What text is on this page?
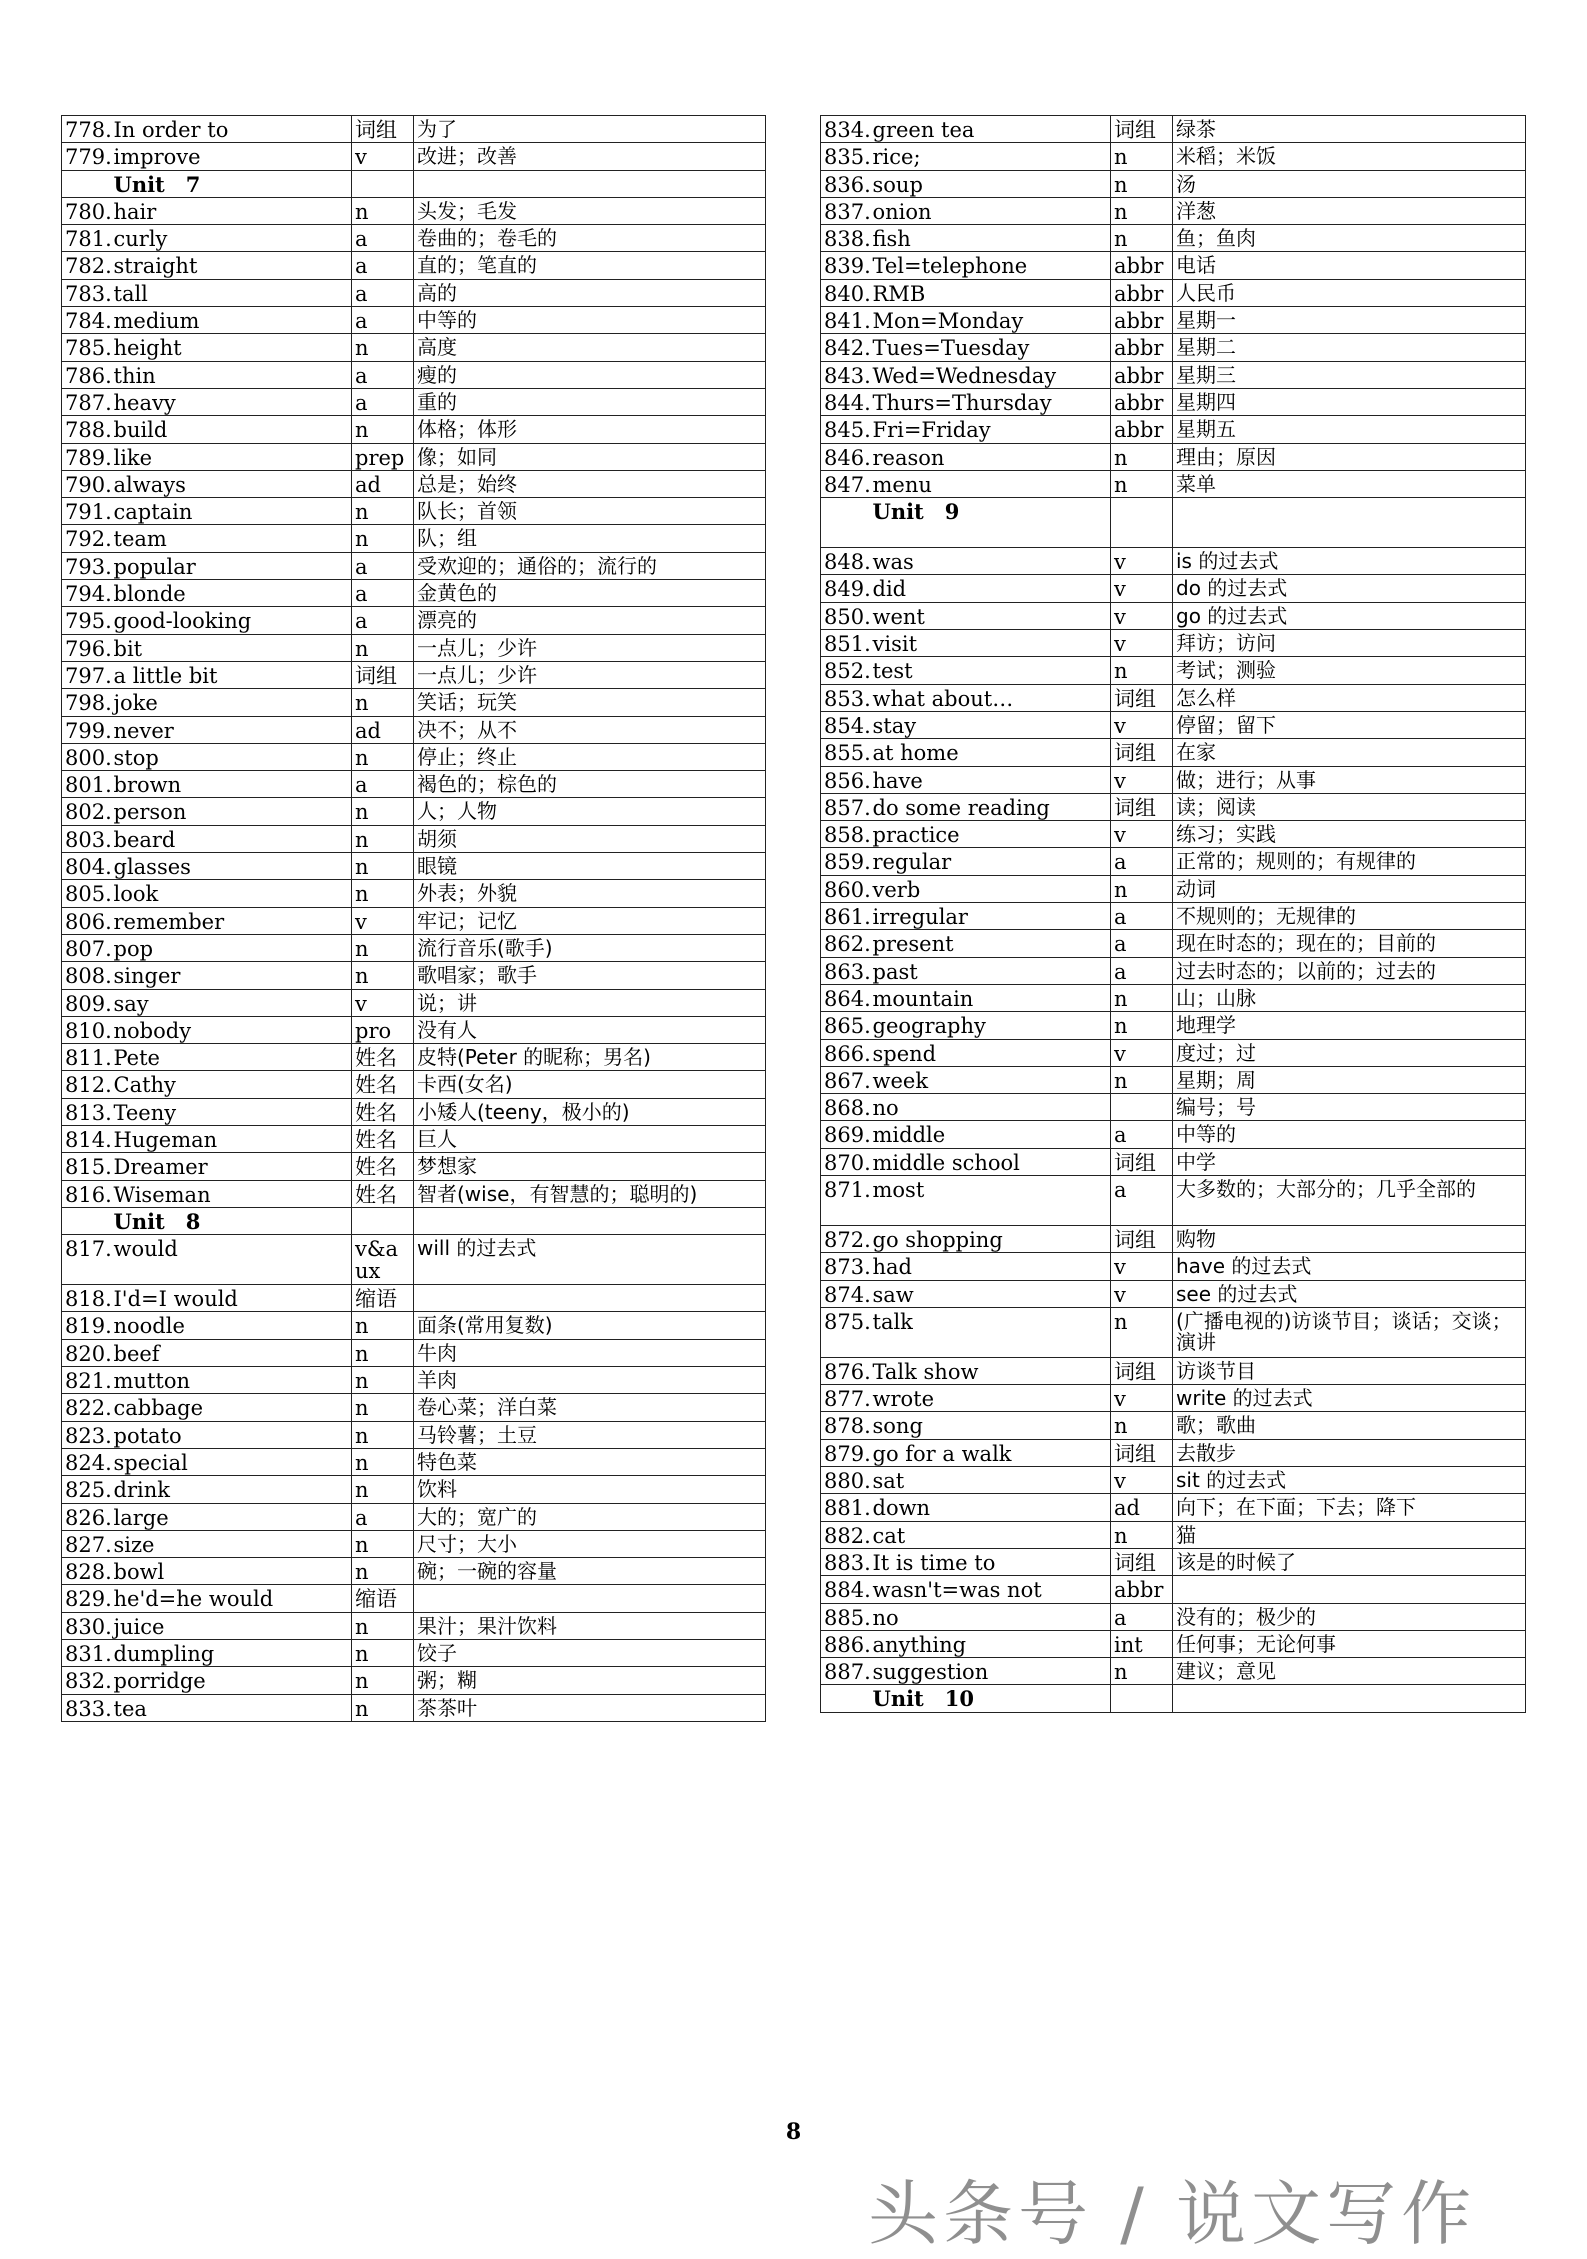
778.	In order to	词组	为了
779.	improve	v	改进；改善
	Unit　7		
780.	hair	n	头发；毛发
781.	curly	a	卷曲的；卷毛的
782.	straight	a	直的；笔直的
783.	tall	a	高的
784.	medium	a	中等的
785.	height	n	高度
786.	thin	a	瘦的
787.	heavy	a	重的
788.	build	n	体格；体形
789.	like	prep	像；如同
790.	always	ad	总是；始终
791.	captain	n	队长；首领
792.	team	n	队；组
793.	popular	a	受欢迎的；通俗的；流行的
794.	blonde	a	金黄色的
795.	good-looking	a	漂亮的
796.	bit	n	一点儿；少许
797.	a little bit	词组	一点儿；少许
798.	joke	n	笑话；玩笑
799.	never	ad	决不；从不
800.	stop	n	停止；终止
801.	brown	a	褐色的；棕色的
802.	person	n	人；人物
803.	beard	n	胡须
804.	glasses	n	眼镜
805.	look	n	外表；外貌
806.	remember	v	牢记；记忆
807.	pop	n	流行音乐(歌手)
808.	singer	n	歌唱家；歌手
809.	say	v	说；讲
810.	nobody	pro	没有人
811.	Pete	姓名	皮特(Peter 的昵称；男名)
812.	Cathy	姓名	卡西(女名)
813.	Teeny	姓名	小矮人(teeny，极小的)
814.	Hugeman	姓名	巨人
815.	Dreamer	姓名	梦想家
816.	Wiseman	姓名	智者(wise，有智慧的；聪明的)
	Unit　8		
817.	would	v&aux	will 的过去式
818.	I'd=I would	缩语	
819.	noodle	n	面条(常用复数)
820.	beef	n	牛肉
821.	mutton	n	羊肉
822.	cabbage	n	卷心菜；洋白菜
823.	potato	n	马铃薯；土豆
824.	special	n	特色菜
825.	drink	n	饮料
826.	large	a	大的；宽广的
827.	size	n	尺寸；大小
828.	bowl	n	碗；一碗的容量
829.	he'd=he would	缩语	
830.	juice	n	果汁；果汁饮料
831.	dumpling	n	饺子
832.	porridge	n	粥；糊
833.	tea	n	茶茶叶
834.	green tea	词组	绿茶
835.	rice;	n	米稻；米饭
836.	soup	n	汤
837.	onion	n	洋葱
838.	fish	n	鱼；鱼肉
839.	Tel=telephone	abbr	电话
840.	RMB	abbr	人民币
841.	Mon=Monday	abbr	星期一
842.	Tues=Tuesday	abbr	星期二
843.	Wed=Wednesday	abbr	星期三
844.	Thurs=Thursday	abbr	星期四
845.	Fri=Friday	abbr	星期五
846.	reason	n	理由；原因
847.	menu	n	菜单
	Unit　9		
848.	was	v	is 的过去式
849.	did	v	do 的过去式
850.	went	v	go 的过去式
851.	visit	v	拜访；访问
852.	test	n	考试；测验
853.	what about…	词组	怎么样
854.	stay	v	停留；留下
855.	at home	词组	在家
856.	have	v	做；进行；从事
857.	do some reading	词组	读；阅读
858.	practice	v	练习；实践
859.	regular	a	正常的；规则的；有规律的
860.	verb	n	动词
861.	irregular	a	不规则的；无规律的
862.	present	a	现在时态的；现在的；目前的
863.	past	a	过去时态的；以前的；过去的
864.	mountain	n	山；山脉
865.	geography	n	地理学
866.	spend	v	度过；过
867.	week	n	星期；周
868.	no		编号；号
869.	middle	a	中等的
870.	middle school	词组	中学
871.	most	a	大多数的；大部分的；几乎全部的
872.	go shopping	词组	购物
873.	had	v	have 的过去式
874.	saw	v	see 的过去式
875.	talk	n	(广播电视的)访谈节目；谈话；交谈；演讲
876.	Talk show	词组	访谈节目
877.	wrote	v	write 的过去式
878.	song	n	歌；歌曲
879.	go for a walk	词组	去散步
880.	sat	v	sit 的过去式
881.	down	ad	向下；在下面；下去；降下
882.	cat	n	猫
883.	It is time to	词组	该是的时候了
884.	wasn't=was not	abbr	
885.	no	a	没有的；极少的
886.	anything	int	任何事；无论何事
887.	suggestion	n	建议；意见
	Unit　10		
8
头条号 / 说文写作
